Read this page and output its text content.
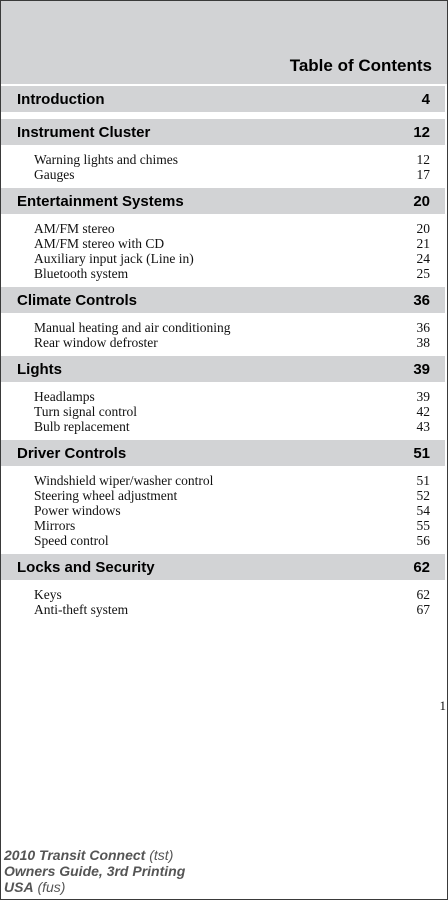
Table of Contents
Introduction	4
Instrument Cluster	12
Warning lights and chimes	12
Gauges	17
Entertainment Systems	20
AM/FM stereo	20
AM/FM stereo with CD	21
Auxiliary input jack (Line in)	24
Bluetooth system	25
Climate Controls	36
Manual heating and air conditioning	36
Rear window defroster	38
Lights	39
Headlamps	39
Turn signal control	42
Bulb replacement	43
Driver Controls	51
Windshield wiper/washer control	51
Steering wheel adjustment	52
Power windows	54
Mirrors	55
Speed control	56
Locks and Security	62
Keys	62
Anti-theft system	67
1
2010 Transit Connect (tst)
Owners Guide, 3rd Printing
USA (fus)
